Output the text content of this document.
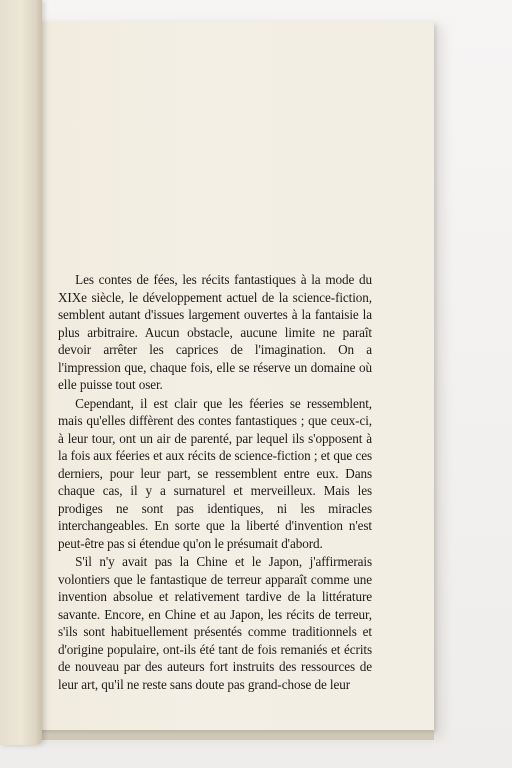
Les contes de fées, les récits fantastiques à la mode du XIXe siècle, le développement actuel de la science-fiction, semblent autant d'issues largement ouvertes à la fantaisie la plus arbitraire. Aucun obstacle, aucune limite ne paraît devoir arrêter les caprices de l'imagination. On a l'impression que, chaque fois, elle se réserve un domaine où elle puisse tout oser.

Cependant, il est clair que les féeries se ressemblent, mais qu'elles diffèrent des contes fantastiques ; que ceux-ci, à leur tour, ont un air de parenté, par lequel ils s'opposent à la fois aux féeries et aux récits de science-fiction ; et que ces derniers, pour leur part, se ressemblent entre eux. Dans chaque cas, il y a surnaturel et merveilleux. Mais les prodiges ne sont pas identiques, ni les miracles interchangeables. En sorte que la liberté d'invention n'est peut-être pas si étendue qu'on le présumait d'abord.

S'il n'y avait pas la Chine et le Japon, j'affirmerais volontiers que le fantastique de terreur apparaît comme une invention absolue et relativement tardive de la littérature savante. Encore, en Chine et au Japon, les récits de terreur, s'ils sont habituellement présentés comme traditionnels et d'origine populaire, ont-ils été tant de fois remaniés et écrits de nouveau par des auteurs fort instruits des ressources de leur art, qu'il ne reste sans doute pas grand-chose de leur
